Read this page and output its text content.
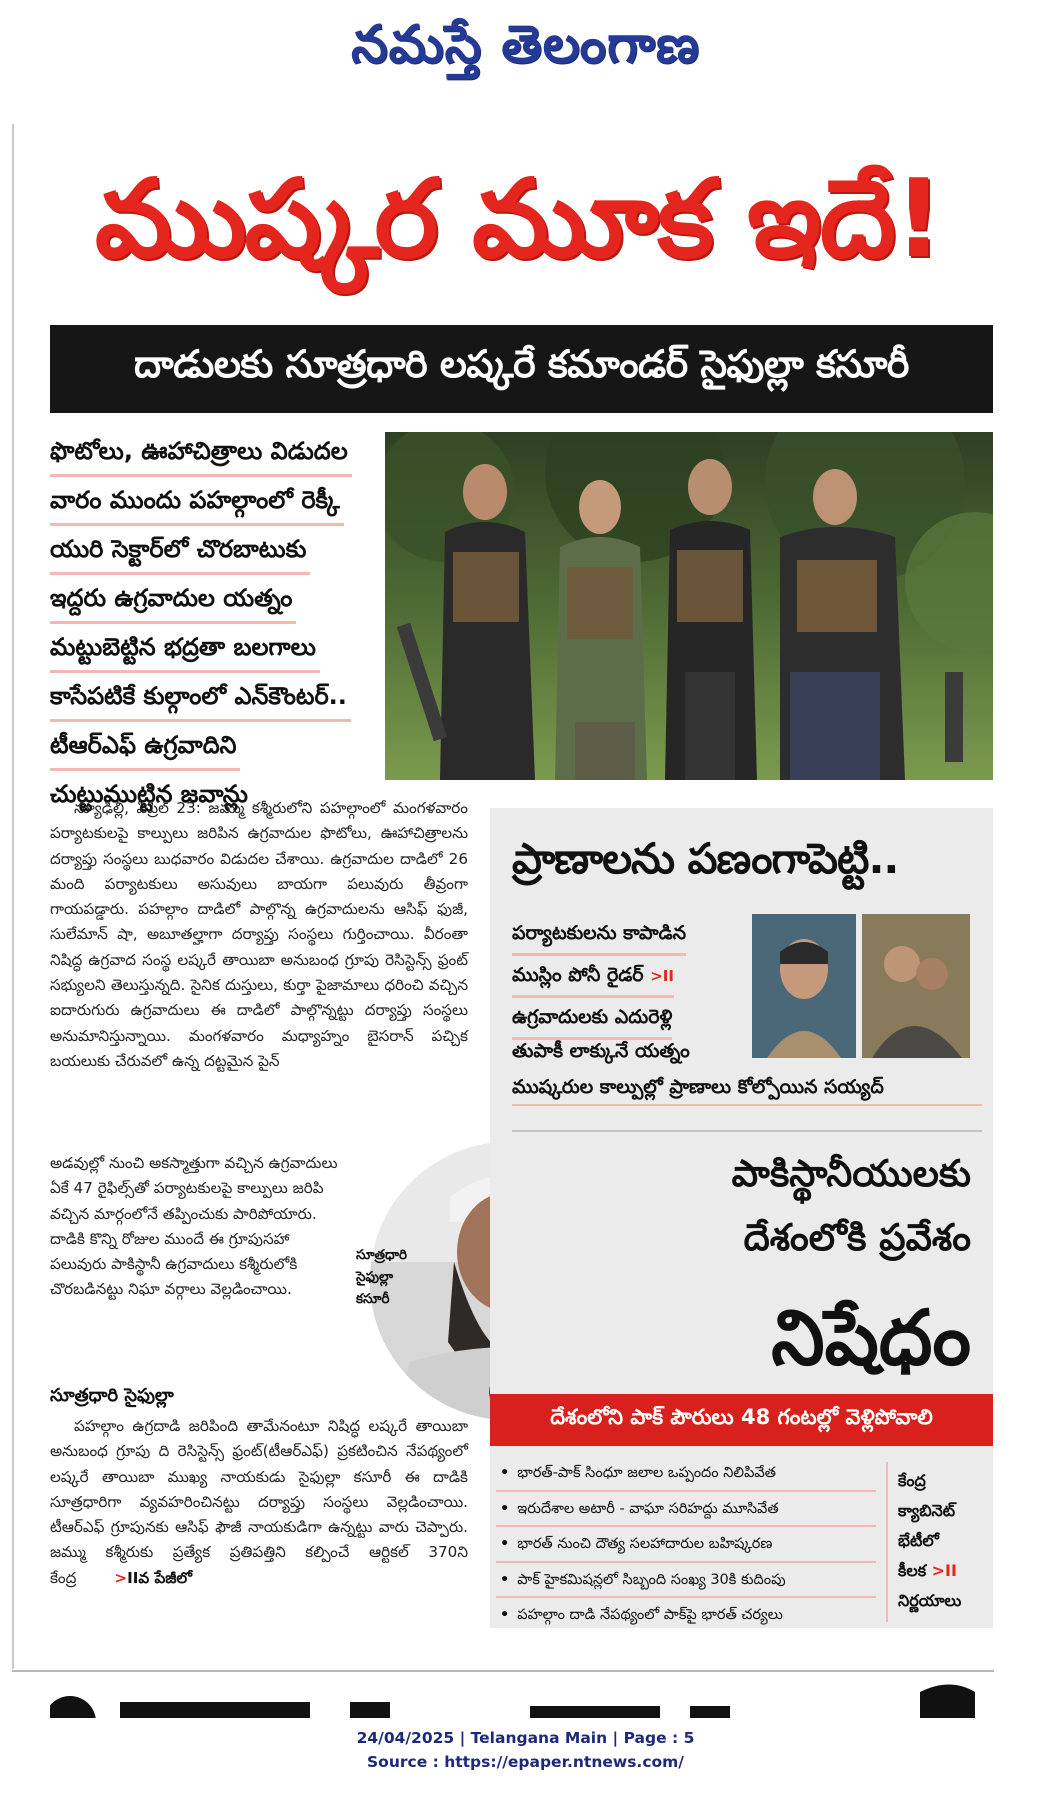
నమస్తే తెలంగాణ
ముష్కర మూక ఇదే!
దాడులకు సూత్రధారి లష్కరే కమాండర్ సైఫుల్లా కసూరీ
ఫొటోలు, ఊహాచిత్రాలు విడుదల
వారం ముందు పహల్గాంలో రెక్కీ
యురి సెక్టార్‌లో చొరబాటుకు
ఇద్దరు ఉగ్రవాదుల యత్నం
మట్టుబెట్టిన భద్రతా బలగాలు
కాసేపటికే కుల్గాంలో ఎన్‌కౌంటర్..
టీఆర్‌ఎఫ్ ఉగ్రవాదిని
చుట్టుముట్టిన జవాన్లు

న్యూఢిల్లీ, ఏప్రిల్ 23: జమ్ము కశ్మీరులోని పహల్గాంలో మంగళవారం పర్యాటకులపై కాల్పులు జరిపిన ఉగ్రవాదుల ఫొటోలు, ఊహాచిత్రాలను దర్యాప్తు సంస్థలు బుధవారం విడుదల చేశాయి. ఉగ్రవాదుల దాడిలో 26 మంది పర్యాటకులు అసువులు బాయగా పలువురు తీవ్రంగా గాయపడ్డారు. పహల్గాం దాడిలో పాల్గొన్న ఉగ్రవాదులను ఆసిఫ్ ఫుజీ, సులేమాన్ షా, అబూతల్హాగా దర్యాప్తు సంస్థలు గుర్తించాయి. వీరంతా నిషిద్ధ ఉగ్రవాద సంస్థ లష్కరే తాయిబా అనుబంధ గ్రూపు రెసిస్టెన్స్ ఫ్రంట్ సభ్యులని తెలుస్తున్నది. సైనిక దుస్తులు, కుర్తా పైజామాలు ధరించి వచ్చిన ఐదారుగురు ఉగ్రవాదులు ఈ దాడిలో పాల్గొన్నట్టు దర్యాప్తు సంస్థలు అనుమానిస్తున్నాయి. మంగళవారం మధ్యాహ్నం బైసరాన్ పచ్చిక బయలుకు చేరువలో ఉన్న దట్టమైన పైన్

అడవుల్లో నుంచి అకస్మాత్తుగా వచ్చిన ఉగ్రవాదులు ఏకే 47 రైఫిల్స్‌తో పర్యాటకులపై కాల్పులు జరిపి వచ్చిన మార్గంలోనే తప్పించుకు పారిపోయారు. దాడికి కొన్ని రోజుల ముందే ఈ గ్రూపుసహా పలువురు పాకిస్థానీ ఉగ్రవాదులు కశ్మీరులోకి చొరబడినట్టు నిఘా వర్గాలు వెల్లడించాయి.

సూత్రధారి
సైఫుల్లా
కసూరీ
సూత్రధారి సైఫుల్లా

పహల్గాం ఉగ్రదాడి జరిపింది తామేనంటూ నిషిద్ధ లష్కరే తాయిబా అనుబంధ గ్రూపు ది రెసిస్టెన్స్ ఫ్రంట్(టీఆర్‌ఎఫ్) ప్రకటించిన నేపథ్యంలో లష్కరే తాయిబా ముఖ్య నాయకుడు సైఫుల్లా కసూరీ ఈ దాడికి సూత్రధారిగా వ్యవహరించినట్టు దర్యాప్తు సంస్థలు వెల్లడించాయి. టీఆర్‌ఎఫ్ గ్రూపునకు ఆసిఫ్ ఫౌజీ నాయకుడిగా ఉన్నట్టు వారు చెప్పారు. జమ్ము కశ్మీరుకు ప్రత్యేక ప్రతిపత్తిని కల్పించే ఆర్టికల్ 370ని కేంద్ర	>IIవ పేజీలో

ప్రాణాలను పణంగాపెట్టి..
పర్యాటకులను కాపాడిన
ముస్లిం పోనీ రైడర్ >II
ఉగ్రవాదులకు ఎదురెళ్లి
తుపాకీ లాక్కునే యత్నం
ముష్కరుల కాల్పుల్లో ప్రాణాలు కోల్పోయిన సయ్యద్
పాకిస్థానీయులకు
దేశంలోకి ప్రవేశం
నిషేధం
దేశంలోని పాక్ పౌరులు 48 గంటల్లో వెళ్లిపోవాలి
• భారత్-పాక్ సింధూ జలాల ఒప్పందం నిలిపివేత
• ఇరుదేశాల అటారీ - వాఘా సరిహద్దు మూసివేత
• భారత్ నుంచి దౌత్య సలహాదారుల బహిష్కరణ
• పాక్ హైకమిషన్లలో సిబ్బంది సంఖ్య 30కి కుదింపు
• పహల్గాం దాడి నేపథ్యంలో పాక్‌పై భారత్ చర్యలు
కేంద్ర
క్యాబినెట్
భేటీలో
కీలక >II
నిర్ణయాలు
24/04/2025 | Telangana Main | Page : 5
Source : https://epaper.ntnews.com/
